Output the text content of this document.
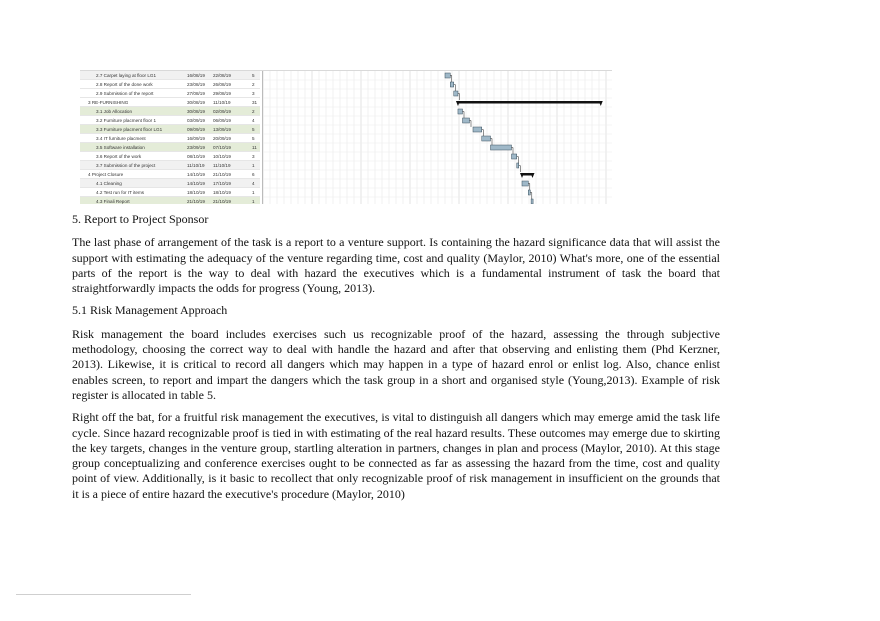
2.7 Carpet laying at floor LG1	16/08/19	22/08/19	5
2.8 Report of the done work	23/08/19	26/08/19	2
2.9 Submission of the report	27/08/19	29/08/19	3
3 RE-FURNISHING	30/08/19	11/10/19	31
3.1 Job Allocation	30/08/19	02/09/19	2
3.2 Furniture placment floor 1	03/09/19	06/09/19	4
3.3 Furniture placment floor LG1	09/09/19	13/09/19	5
3.4 IT furniture placment	16/09/19	20/09/19	5
3.5 Software installation	23/09/19	07/10/19	11
3.6 Report of the work	08/10/19	10/10/19	3
3.7 Submission of the project	11/10/19	11/10/19	1
4 Project Closure	14/10/19	21/10/19	6
4.1 Cleaning	14/10/19	17/10/19	4
4.2 Test run for IT items	18/10/19	18/10/19	1
4.3 Finali Report	21/10/19	21/10/19	1

5. Report to Project Sponsor

The last phase of arrangement of the task is a report to a venture support. Is containing the hazard significance data that will assist the support with estimating the adequacy of the venture regarding time, cost and quality (Maylor, 2010) What's more, one of the essential parts of the report is the way to deal with hazard the executives which is a fundamental instrument of task the board that straightforwardly impacts the odds for progress (Young, 2013).

5.1 Risk Management Approach

Risk management the board includes exercises such us recognizable proof of the hazard, assessing the through subjective methodology, choosing the correct way to deal with handle the hazard and after that observing and enlisting them (Phd Kerzner, 2013). Likewise, it is critical to record all dangers which may happen in a type of hazard enrol or enlist log. Also, chance enlist enables screen, to report and impart the dangers which the task group in a short and organised style (Young,2013). Example of risk register is allocated in table 5.

Right off the bat, for a fruitful risk management the executives, is vital to distinguish all dangers which may emerge amid the task life cycle. Since hazard recognizable proof is tied in with estimating of the real hazard results. These outcomes may emerge due to skirting the key targets, changes in the venture group, startling alteration in partners, changes in plan and process (Maylor, 2010). At this stage group conceptualizing and conference exercises ought to be connected as far as assessing the hazard from the time, cost and quality point of view. Additionally, is it basic to recollect that only recognizable proof of risk management in insufficient on the grounds that it is a piece of entire hazard the executive's procedure (Maylor, 2010)
